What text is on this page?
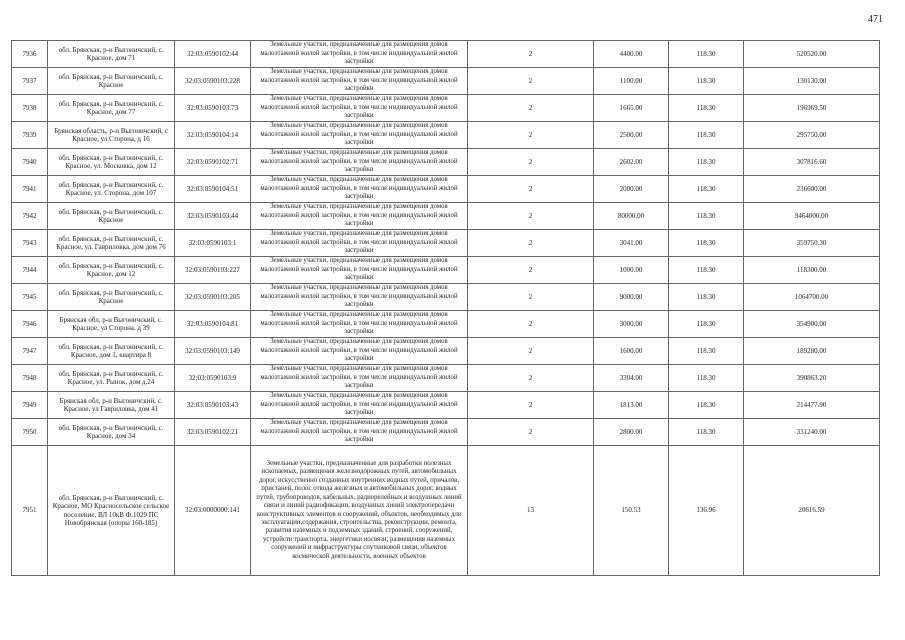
471
7936	обл. Брянская, р-н Выгоничский, с. Красное, дом 71	32:03:0590102:44	Земельные участки, предназначенные для размещения домов малоэтажной жилой застройки, в том числе индивидуальной жилой застройки	2	4400.00	118.30	520520.00
7937	обл. Брянская, р-н Выгоничский, с. Красное	32:03:0590103:228	Земельные участки, предназначенные для размещения домов малоэтажной жилой застройки, в том числе индивидуальной жилой застройки	2	1100.00	118.30	130130.00
7938	обл. Брянская, р-н Выгоничский, с. Красное, дом 77	32:03:0590103:73	Земельные участки, предназначенные для размещения домов малоэтажной жилой застройки, в том числе индивидуальной жилой застройки	2	1665.00	118.30	196969.50
7939	Брянская область, р-н Выгоничский, с Красное, ул Сторона, д 16	32:03:0590104:14	Земельные участки, предназначенные для размещения домов малоэтажной жилой застройки, в том числе индивидуальной жилой застройки	2	2500.00	118.30	295750.00
7940	обл. Брянская, р-н Выгоничский, с. Красное, ул. Московка, дом 12	32:03:0590102:71	Земельные участки, предназначенные для размещения домов малоэтажной жилой застройки, в том числе индивидуальной жилой застройки	2	2602.00	118.30	307816.60
7941	обл. Брянская, р-н Выгоничский, с. Красное, ул. Сторона, дом 107	32:03:0590104:51	Земельные участки, предназначенные для размещения домов малоэтажной жилой застройки, в том числе индивидуальной жилой застройки	2	2000.00	118.30	236600.00
7942	обл. Брянская, р-н Выгоничский, с. Красное	32:03:0590103:44	Земельные участки, предназначенные для размещения домов малоэтажной жилой застройки, в том числе индивидуальной жилой застройки	2	80000.00	118.30	9464000.00
7943	обл. Брянская, р-н Выгоничский, с. Красное, ул. Гавриловка, дом дом 76	32:03:0590103:1	Земельные участки, предназначенные для размещения домов малоэтажной жилой застройки, в том числе индивидуальной жилой застройки	2	3041.00	118.30	359750.30
7944	обл. Брянская, р-н Выгоничский, с. Красное, дом 12	32:03:0590103:227	Земельные участки, предназначенные для размещения домов малоэтажной жилой застройки, в том числе индивидуальной жилой застройки	2	1000.00	118.30	118300.00
7945	обл. Брянская, р-н Выгоничский, с. Красное	32:03:0590103:205	Земельные участки, предназначенные для размещения домов малоэтажной жилой застройки, в том числе индивидуальной жилой застройки	2	9000.00	118.30	1064700.00
7946	Брянская обл, р-н Выгоничский, с. Красное, ул Сторона, д 39	32:03:0590104:81	Земельные участки, предназначенные для размещения домов малоэтажной жилой застройки, в том числе индивидуальной жилой застройки	2	3000.00	118.30	354900.00
7947	обл. Брянская, р-н Выгоничский, с. Красное, дом 1, квартира 8	32:03:0590103:149	Земельные участки, предназначенные для размещения домов малоэтажной жилой застройки, в том числе индивидуальной жилой застройки	2	1600.00	118.30	189280.00
7948	обл. Брянская, р-н Выгоничский, с. Красное, ул. Рынок, дом д.24	32:03:0590103:9	Земельные участки, предназначенные для размещения домов малоэтажной жилой застройки, в том числе индивидуальной жилой застройки	2	3304.00	118.30	390863.20
7949	Брянская обл, р-н Выгоничский, с. Красное, ул Гавриловка, дом 41	32:03:0590103:43	Земельные участки, предназначенные для размещения домов малоэтажной жилой застройки, в том числе индивидуальной жилой застройки	2	1813.00	118.30	214477.90
7950	обл. Брянская, р-н Выгоничский, с. Красное, дом 34	32:03:0590102:21	Земельные участки, предназначенные для размещения домов малоэтажной жилой застройки, в том числе индивидуальной жилой застройки	2	2800.00	118.30	331240.00
7951	обл. Брянская, р-н Выгоничский, с. Красное, МО Красносельское сельское поселение, ВЛ 10кВ Ф.1029 ПС Новобрянская (опоры 160-185)	32:03:0000000:141	Земельные участки, предназначенные для разработки полезных ископаемых, размещения железнодорожных путей, автомобильных дорог, искусственно созданных внутренних водных путей, причалов, пристаней, полос отвода железных и автомобильных дорог, водных путей, трубопроводов, кабельных, радиорелейных и воздушных линий связи и линий радиофикации, воздушных линий электропередачи конструктивных элементов и сооружений, объектов, необходимых для эксплуатации,содержания, строительства, реконструкции, ремонта, развития наземных и подземных зданий, строений, сооружений, устройств транспорта, энергетики иосвязи; размещения наземных сооружений и инфраструктуры спутниковой связи, объектов космической деятельности, военных объектов	13	150.53	136.96	20616.59
